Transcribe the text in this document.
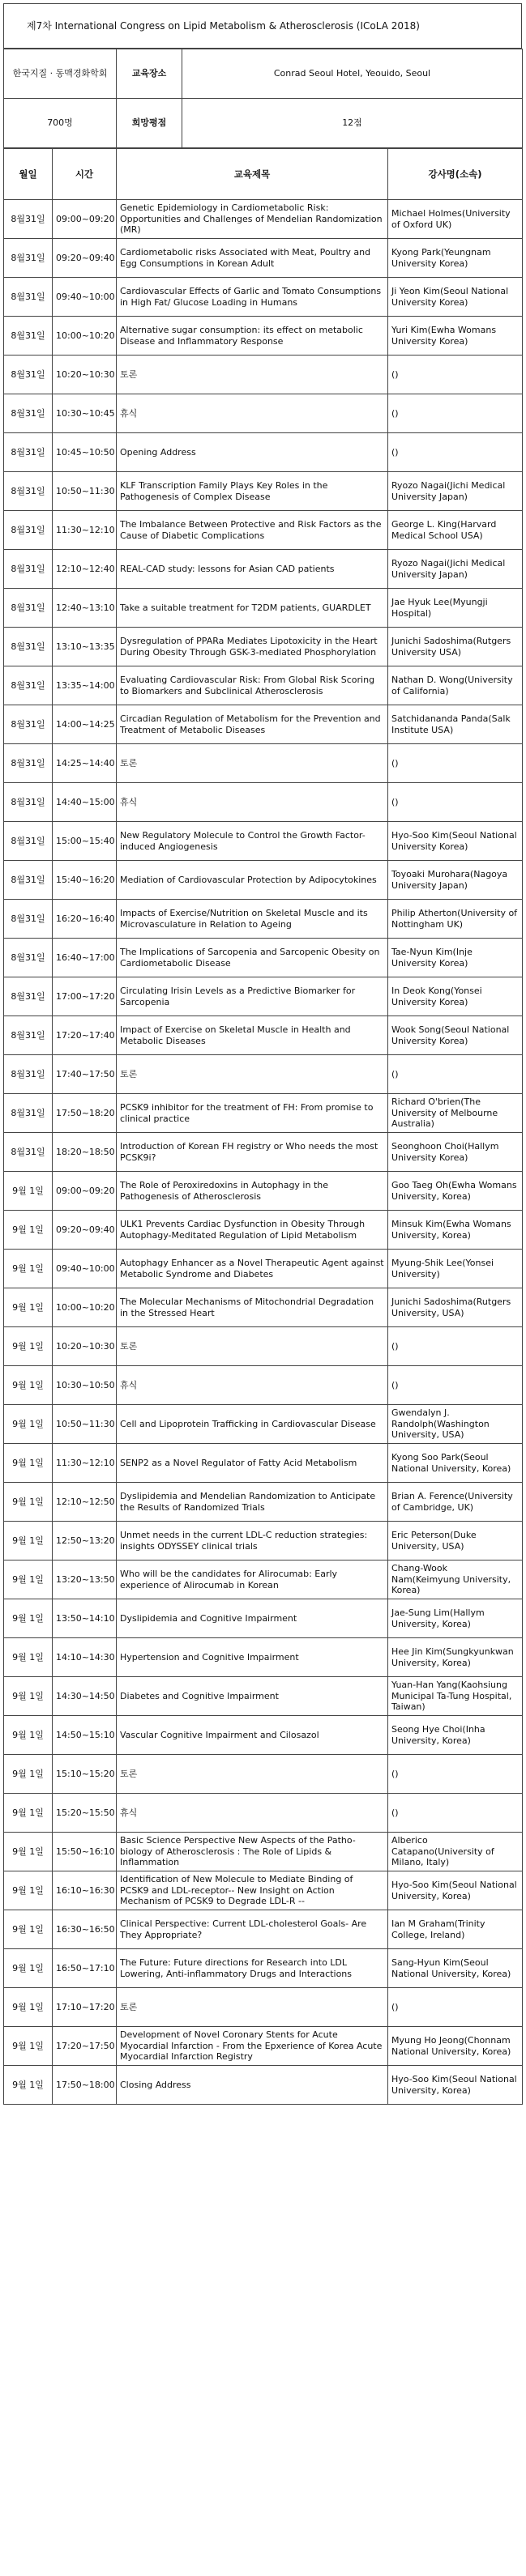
제7차 International Congress on Lipid Metabolism & Atherosclerosis (ICoLA 2018)
한국지질 · 동맥경화학회	교육장소	Conrad Seoul Hotel, Yeouido, Seoul
700명	희망평점	12점
월일	시간	교육제목	강사명(소속)
8월31일	09:00~09:20	Genetic Epidemiology in Cardiometabolic Risk: Opportunities and Challenges of Mendelian Randomization (MR)	Michael Holmes(University of Oxford UK)
8월31일	09:20~09:40	Cardiometabolic risks Associated with Meat, Poultry and Egg Consumptions in Korean Adult	Kyong Park(Yeungnam University Korea)
8월31일	09:40~10:00	Cardiovascular Effects of Garlic and Tomato Consumptions in High Fat/ Glucose Loading in Humans	Ji Yeon Kim(Seoul National University Korea)
8월31일	10:00~10:20	Alternative sugar consumption: its effect on metabolic Disease and Inflammatory Response	Yuri Kim(Ewha Womans University Korea)
8월31일	10:20~10:30	토론	()
8월31일	10:30~10:45	휴식	()
8월31일	10:45~10:50	Opening Address	()
8월31일	10:50~11:30	KLF Transcription Family Plays Key Roles in the Pathogenesis of Complex Disease	Ryozo Nagai(Jichi Medical University Japan)
8월31일	11:30~12:10	The Imbalance Between Protective and Risk Factors as the Cause of Diabetic Complications	George L. King(Harvard Medical School USA)
8월31일	12:10~12:40	REAL-CAD study: lessons for Asian CAD patients	Ryozo Nagai(Jichi Medical University Japan)
8월31일	12:40~13:10	Take a suitable treatment for T2DM patients, GUARDLET	Jae Hyuk Lee(Myungji Hospital)
8월31일	13:10~13:35	Dysregulation of PPARa Mediates Lipotoxicity in the Heart During Obesity Through GSK-3-mediated Phosphorylation	Junichi Sadoshima(Rutgers University USA)
8월31일	13:35~14:00	Evaluating Cardiovascular Risk: From Global Risk Scoring to Biomarkers and Subclinical Atherosclerosis	Nathan D. Wong(University of California)
8월31일	14:00~14:25	Circadian Regulation of Metabolism for the Prevention and Treatment of Metabolic Diseases	Satchidananda Panda(Salk Institute USA)
8월31일	14:25~14:40	토론	()
8월31일	14:40~15:00	휴식	()
8월31일	15:00~15:40	New Regulatory Molecule to Control the Growth Factor-induced Angiogenesis	Hyo-Soo Kim(Seoul National University Korea)
8월31일	15:40~16:20	Mediation of Cardiovascular Protection by Adipocytokines	Toyoaki Murohara(Nagoya University Japan)
8월31일	16:20~16:40	Impacts of Exercise/Nutrition on Skeletal Muscle and its Microvasculature in Relation to Ageing	Philip Atherton(University of Nottingham UK)
8월31일	16:40~17:00	The Implications of Sarcopenia and Sarcopenic Obesity on Cardiometabolic Disease	Tae-Nyun Kim(Inje University Korea)
8월31일	17:00~17:20	Circulating Irisin Levels as a Predictive Biomarker for Sarcopenia	In Deok Kong(Yonsei University Korea)
8월31일	17:20~17:40	Impact of Exercise on Skeletal Muscle in Health and Metabolic Diseases	Wook Song(Seoul National University Korea)
8월31일	17:40~17:50	토론	()
8월31일	17:50~18:20	PCSK9 inhibitor for the treatment of FH: From promise to clinical practice	Richard O'brien(The University of Melbourne Australia)
8월31일	18:20~18:50	Introduction of Korean FH registry or Who needs the most PCSK9i?	Seonghoon Choi(Hallym University Korea)
9월 1일	09:00~09:20	The Role of Peroxiredoxins in Autophagy in the Pathogenesis of Atherosclerosis	Goo Taeg Oh(Ewha Womans University, Korea)
9월 1일	09:20~09:40	ULK1 Prevents Cardiac Dysfunction in Obesity Through Autophagy-Meditated Regulation of Lipid Metabolism	Minsuk Kim(Ewha Womans University, Korea)
9월 1일	09:40~10:00	Autophagy Enhancer as a Novel Therapeutic Agent against Metabolic Syndrome and Diabetes	Myung-Shik Lee(Yonsei University)
9월 1일	10:00~10:20	The Molecular Mechanisms of Mitochondrial Degradation in the Stressed Heart	Junichi Sadoshima(Rutgers University, USA)
9월 1일	10:20~10:30	토론	()
9월 1일	10:30~10:50	휴식	()
9월 1일	10:50~11:30	Cell and Lipoprotein Trafficking in Cardiovascular Disease	Gwendalyn J. Randolph(Washington University, USA)
9월 1일	11:30~12:10	SENP2 as a Novel Regulator of Fatty Acid Metabolism	Kyong Soo Park(Seoul National University, Korea)
9월 1일	12:10~12:50	Dyslipidemia and Mendelian Randomization to Anticipate the Results of Randomized Trials	Brian A. Ference(University of Cambridge, UK)
9월 1일	12:50~13:20	Unmet needs in the current LDL-C reduction strategies: insights ODYSSEY clinical trials	Eric Peterson(Duke University, USA)
9월 1일	13:20~13:50	Who will be the candidates for Alirocumab: Early experience of Alirocumab in Korean	Chang-Wook Nam(Keimyung University, Korea)
9월 1일	13:50~14:10	Dyslipidemia and Cognitive Impairment	Jae-Sung Lim(Hallym University, Korea)
9월 1일	14:10~14:30	Hypertension and Cognitive Impairment	Hee Jin Kim(Sungkyunkwan University, Korea)
9월 1일	14:30~14:50	Diabetes and Cognitive Impairment	Yuan-Han Yang(Kaohsiung Municipal Ta-Tung Hospital, Taiwan)
9월 1일	14:50~15:10	Vascular Cognitive Impairment and Cilosazol	Seong Hye Choi(Inha University, Korea)
9월 1일	15:10~15:20	토론	()
9월 1일	15:20~15:50	휴식	()
9월 1일	15:50~16:10	Basic Science Perspective New Aspects of the Patho-biology of Atherosclerosis : The Role of Lipids & Inflammation	Alberico Catapano(University of Milano, Italy)
9월 1일	16:10~16:30	Identification of New Molecule to Mediate Binding of PCSK9 and LDL-receptor-- New Insight on Action Mechanism of PCSK9 to Degrade LDL-R --	Hyo-Soo Kim(Seoul National University, Korea)
9월 1일	16:30~16:50	Clinical Perspective: Current LDL-cholesterol Goals- Are They Appropriate?	Ian M Graham(Trinity College, Ireland)
9월 1일	16:50~17:10	The Future: Future directions for Research into LDL Lowering, Anti-inflammatory Drugs and Interactions	Sang-Hyun Kim(Seoul National University, Korea)
9월 1일	17:10~17:20	토론	()
9월 1일	17:20~17:50	Development of Novel Coronary Stents for Acute Myocardial Infarction - From the Epxerience of Korea Acute Myocardial Infarction Registry	Myung Ho Jeong(Chonnam National University, Korea)
9월 1일	17:50~18:00	Closing Address	Hyo-Soo Kim(Seoul National University, Korea)
